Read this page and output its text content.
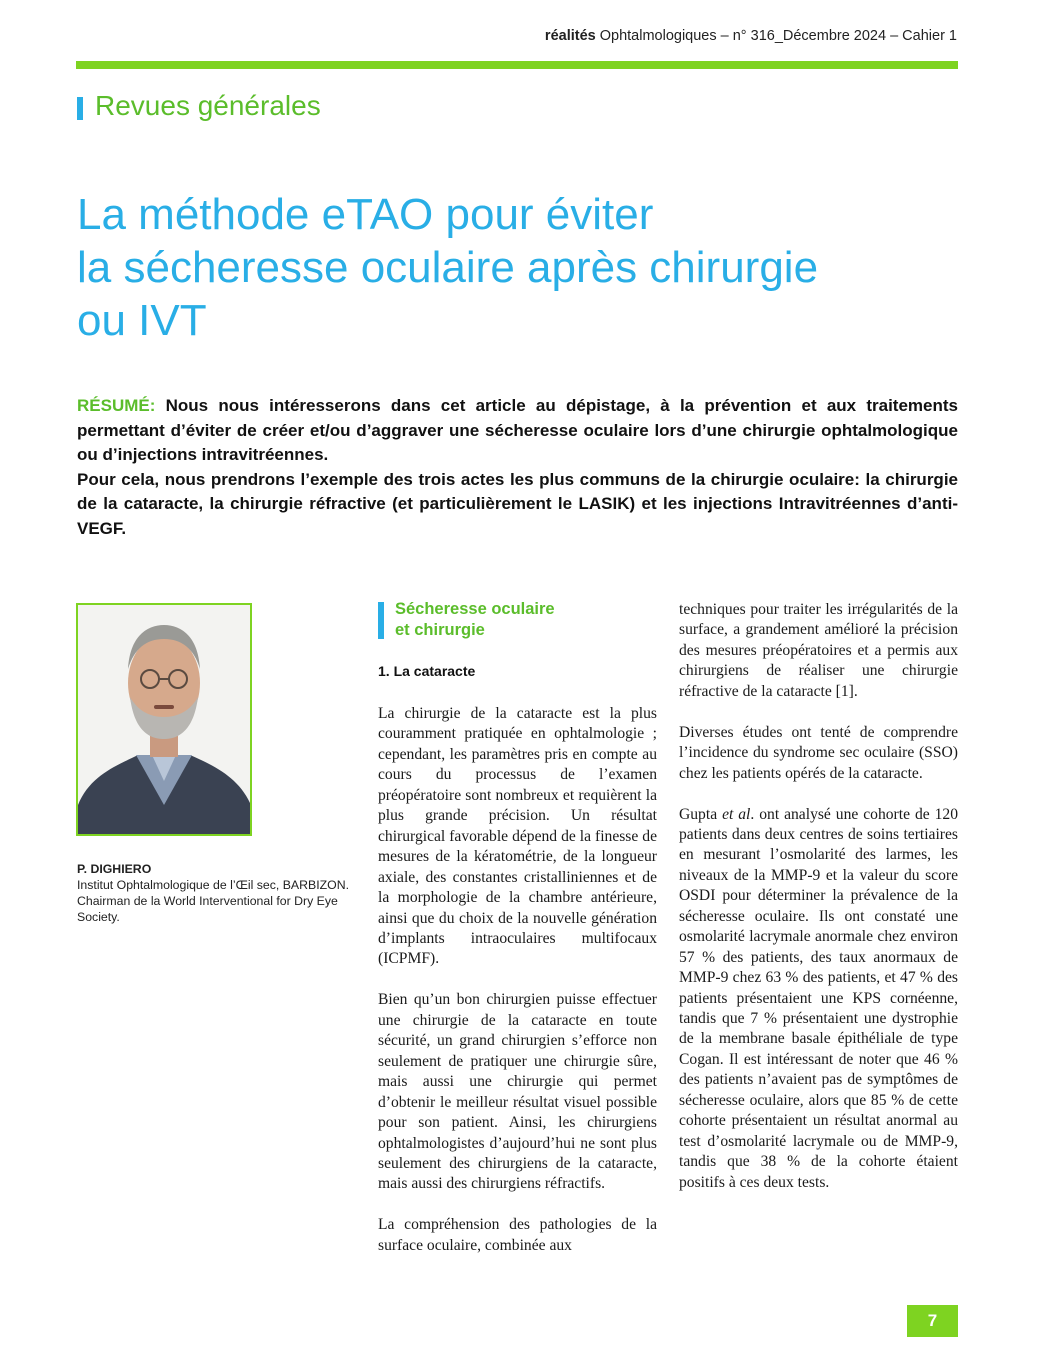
réalités Ophtalmologiques – n° 316_Décembre 2024 – Cahier 1
Revues générales
La méthode eTAO pour éviter
la sécheresse oculaire après chirurgie
ou IVT

RÉSUMÉ: Nous nous intéresserons dans cet article au dépistage, à la prévention et aux traitements permettant d’éviter de créer et/ou d’aggraver une sécheresse oculaire lors d’une chirurgie ophtalmologique ou d’injections intravitréennes.

Pour cela, nous prendrons l’exemple des trois actes les plus communs de la chirurgie oculaire: la chirurgie de la cataracte, la chirurgie réfractive (et particulièrement le LASIK) et les injections Intravitréennes d’anti-VEGF.

P. DIGHIERO
Institut Ophtalmologique de l’Œil sec, BARBIZON.
Chairman de la World Interventional for Dry Eye Society.
Sécheresse oculaire
et chirurgie
1. La cataracte

La chirurgie de la cataracte est la plus couramment pratiquée en ophtalmologie ; cependant, les paramètres pris en compte au cours du processus de l’examen préopératoire sont nombreux et requièrent la plus grande précision. Un résultat chirurgical favorable dépend de la finesse de mesures de la kératométrie, de la longueur axiale, des constantes cristalliniennes et de la morphologie de la chambre antérieure, ainsi que du choix de la nouvelle génération d’implants intraoculaires multifocaux (ICPMF).

Bien qu’un bon chirurgien puisse effectuer une chirurgie de la cataracte en toute sécurité, un grand chirurgien s’efforce non seulement de pratiquer une chirurgie sûre, mais aussi une chirurgie qui permet d’obtenir le meilleur résultat visuel possible pour son patient. Ainsi, les chirurgiens ophtalmologistes d’aujourd’hui ne sont plus seulement des chirurgiens de la cataracte, mais aussi des chirurgiens réfractifs.

La compréhension des pathologies de la surface oculaire, combinée aux

techniques pour traiter les irrégularités de la surface, a grandement amélioré la précision des mesures préopératoires et a permis aux chirurgiens de réaliser une chirurgie réfractive de la cataracte [1].

Diverses études ont tenté de comprendre l’incidence du syndrome sec oculaire (SSO) chez les patients opérés de la cataracte.

Gupta et al. ont analysé une cohorte de 120 patients dans deux centres de soins tertiaires en mesurant l’osmolarité des larmes, les niveaux de la MMP-9 et la valeur du score OSDI pour déterminer la prévalence de la sécheresse oculaire. Ils ont constaté une osmolarité lacrymale anormale chez environ 57 % des patients, des taux anormaux de MMP-9 chez 63 % des patients, et 47 % des patients présentaient une KPS cornéenne, tandis que 7 % présentaient une dystrophie de la membrane basale épithéliale de type Cogan. Il est intéressant de noter que 46 % des patients n’avaient pas de symptômes de sécheresse oculaire, alors que 85 % de cette cohorte présentaient un résultat anormal au test d’osmolarité lacrymale ou de MMP-9, tandis que 38 % de la cohorte étaient positifs à ces deux tests.

7
